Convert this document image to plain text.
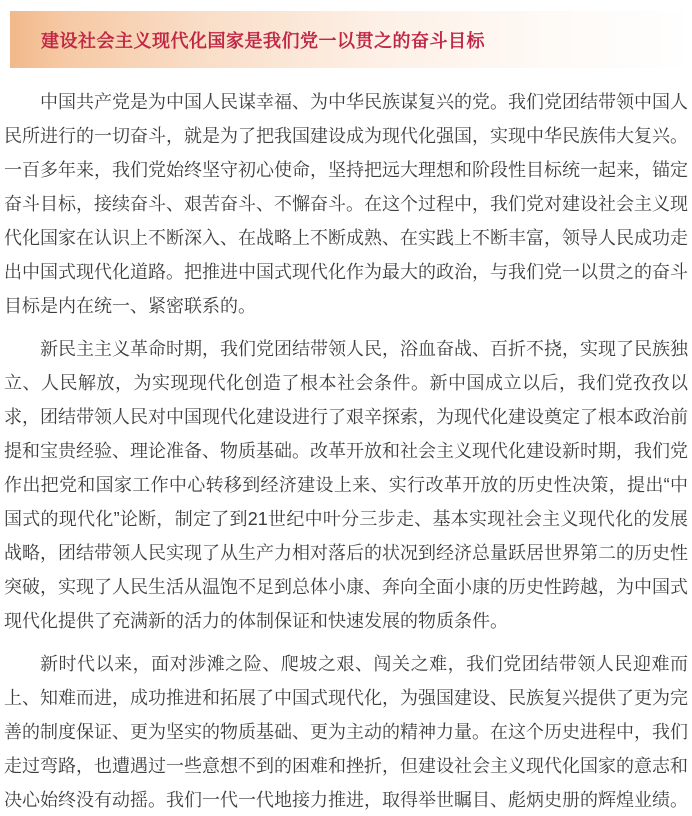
建设社会主义现代化国家是我们党一以贯之的奋斗目标

中国共产党是为中国人民谋幸福、为中华民族谋复兴的党。我们党团结带领中国人民所进行的一切奋斗，就是为了把我国建设成为现代化强国，实现中华民族伟大复兴。一百多年来，我们党始终坚守初心使命，坚持把远大理想和阶段性目标统一起来，锚定奋斗目标，接续奋斗、艰苦奋斗、不懈奋斗。在这个过程中，我们党对建设社会主义现代化国家在认识上不断深入、在战略上不断成熟、在实践上不断丰富，领导人民成功走出中国式现代化道路。把推进中国式现代化作为最大的政治，与我们党一以贯之的奋斗目标是内在统一、紧密联系的。

新民主主义革命时期，我们党团结带领人民，浴血奋战、百折不挠，实现了民族独立、人民解放，为实现现代化创造了根本社会条件。新中国成立以后，我们党孜孜以求，团结带领人民对中国现代化建设进行了艰辛探索，为现代化建设奠定了根本政治前提和宝贵经验、理论准备、物质基础。改革开放和社会主义现代化建设新时期，我们党作出把党和国家工作中心转移到经济建设上来、实行改革开放的历史性决策，提出“中国式的现代化”论断，制定了到21世纪中叶分三步走、基本实现社会主义现代化的发展战略，团结带领人民实现了从生产力相对落后的状况到经济总量跃居世界第二的历史性突破，实现了人民生活从温饱不足到总体小康、奔向全面小康的历史性跨越，为中国式现代化提供了充满新的活力的体制保证和快速发展的物质条件。

新时代以来，面对涉滩之险、爬坡之艰、闯关之难，我们党团结带领人民迎难而上、知难而进，成功推进和拓展了中国式现代化，为强国建设、民族复兴提供了更为完善的制度保证、更为坚实的物质基础、更为主动的精神力量。在这个历史进程中，我们走过弯路，也遭遇过一些意想不到的困难和挫折，但建设社会主义现代化国家的意志和决心始终没有动摇。我们一代一代地接力推进，取得举世瞩目、彪炳史册的辉煌业绩。
